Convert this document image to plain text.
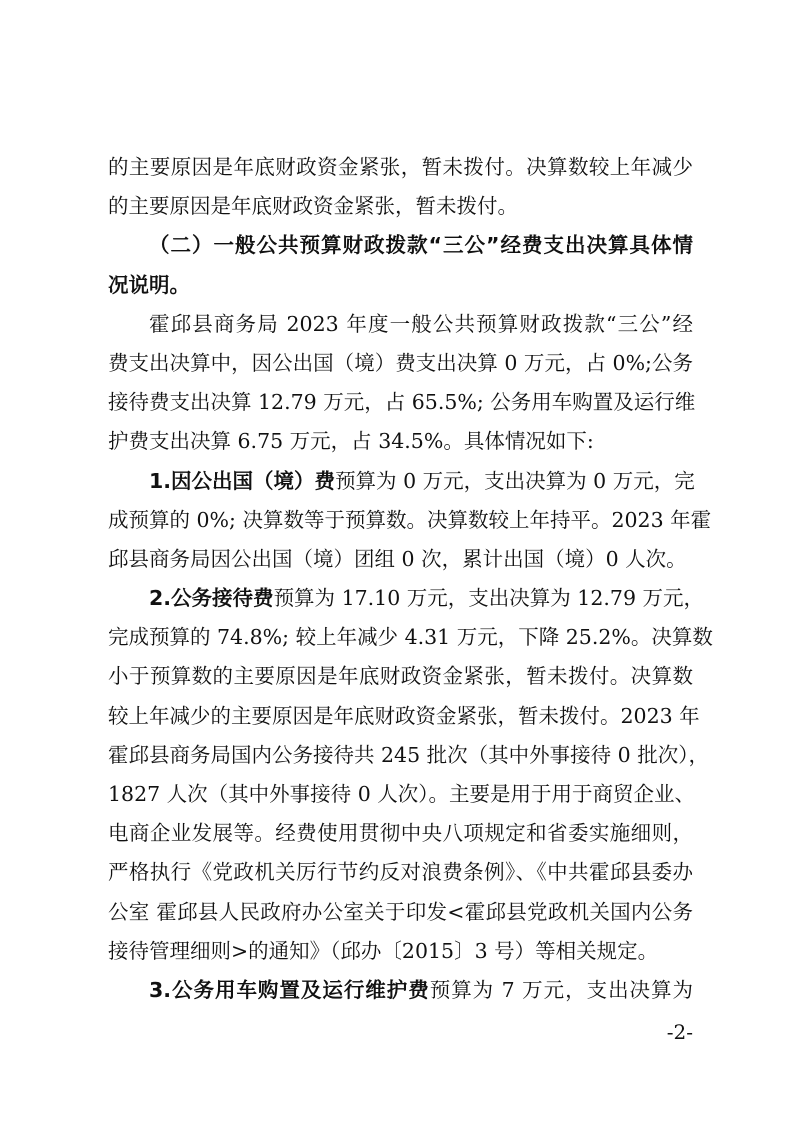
的主要原因是年底财政资金紧张，暂未拨付。决算数较上年减少
的主要原因是年底财政资金紧张，暂未拨付。
（二）一般公共预算财政拨款“三公”经费支出决算具体情
况说明。
霍邱县商务局 2023 年度一般公共预算财政拨款“三公”经
费支出决算中，因公出国（境）费支出决算 0 万元，占 0%;公务
接待费支出决算 12.79 万元，占 65.5%; 公务用车购置及运行维
护费支出决算 6.75 万元，占 34.5%。具体情况如下:
1.因公出国（境）费预算为 0 万元，支出决算为 0 万元，完
成预算的 0%; 决算数等于预算数。决算数较上年持平。2023 年霍
邱县商务局因公出国（境）团组 0 次，累计出国（境）0 人次。
2.公务接待费预算为 17.10 万元，支出决算为 12.79 万元，
完成预算的 74.8%; 较上年减少 4.31 万元，下降 25.2%。决算数
小于预算数的主要原因是年底财政资金紧张，暂未拨付。决算数
较上年减少的主要原因是年底财政资金紧张，暂未拨付。2023 年
霍邱县商务局国内公务接待共 245 批次（其中外事接待 0 批次），
1827 人次（其中外事接待 0 人次）。主要是用于用于商贸企业、
电商企业发展等。经费使用贯彻中央八项规定和省委实施细则，
严格执行《党政机关厉行节约反对浪费条例》、《中共霍邱县委办
公室 霍邱县人民政府办公室关于印发<霍邱县党政机关国内公务
接待管理细则>的通知》（邱办〔2015〕3 号）等相关规定。
3.公务用车购置及运行维护费预算为 7 万元，支出决算为
-2-
